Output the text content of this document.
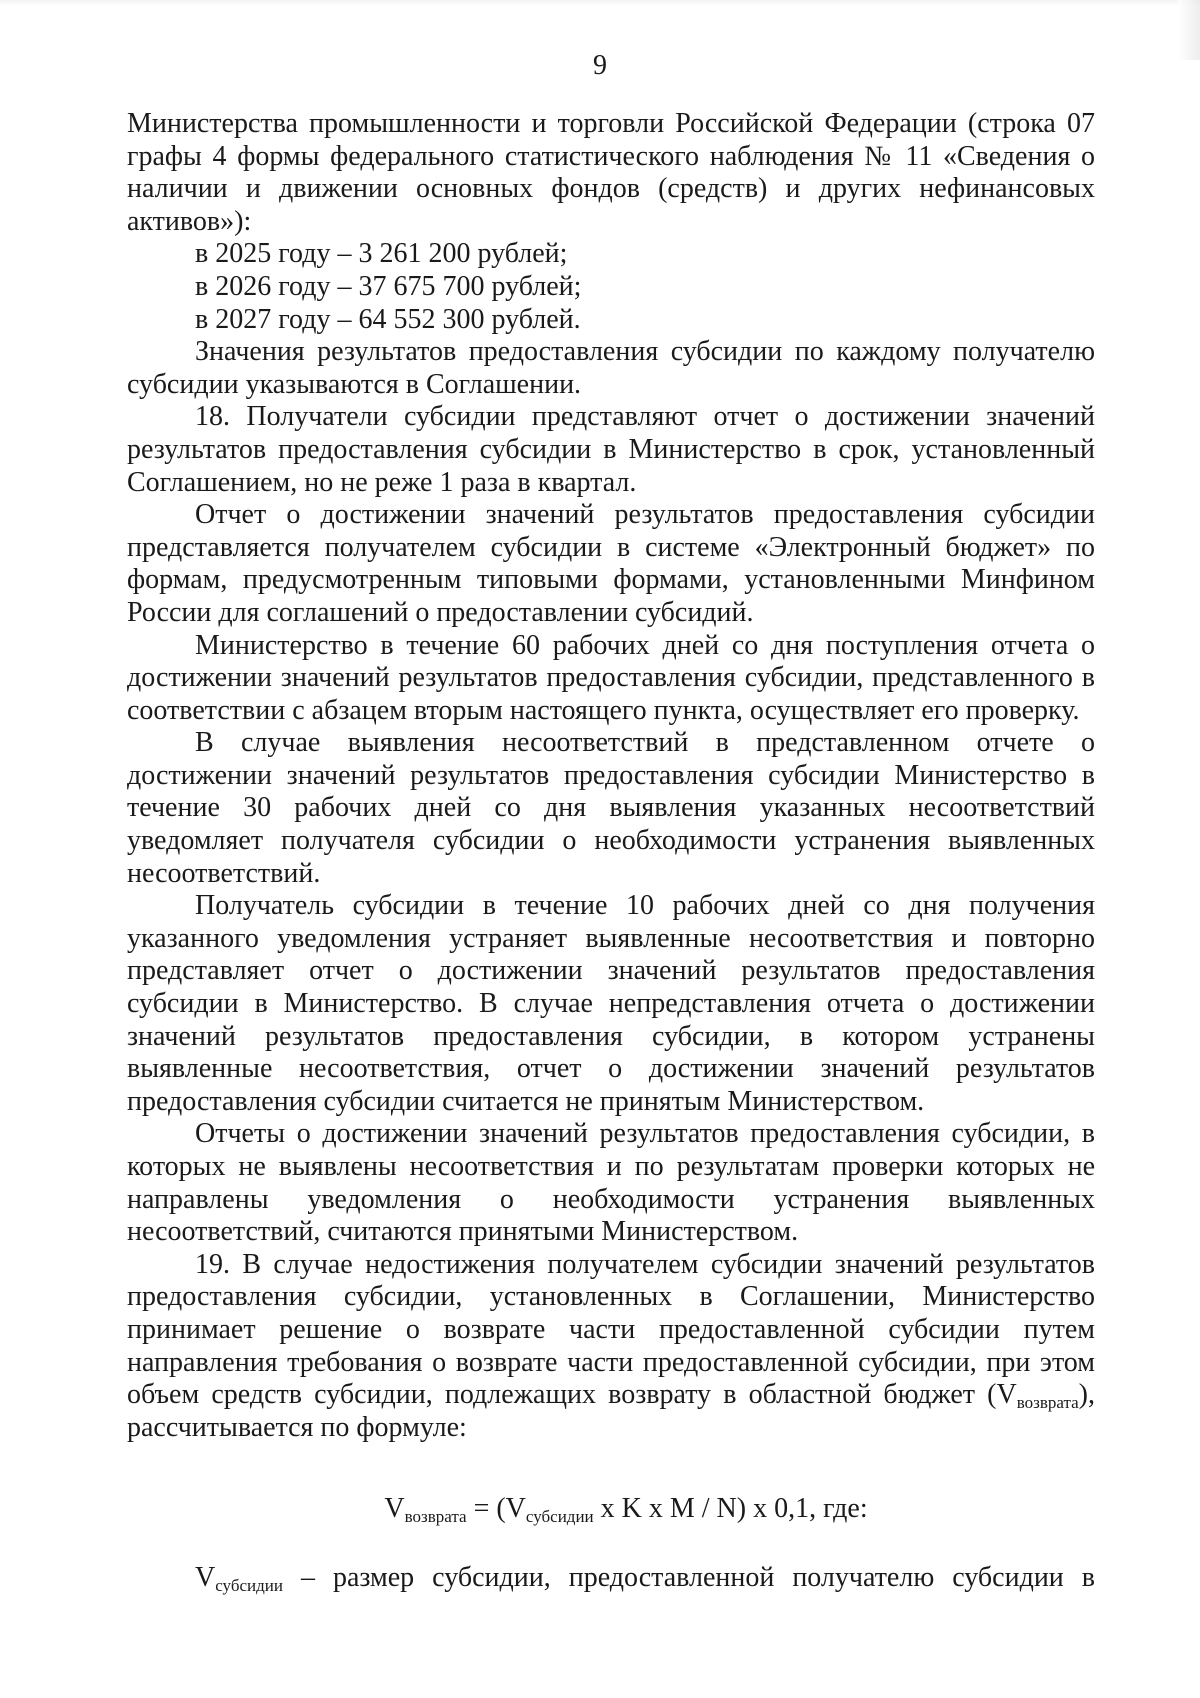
9

Министерства промышленности и торговли Российской Федерации (строка 07 графы 4 формы федерального статистического наблюдения № 11 «Сведения о наличии и движении основных фондов (средств) и других нефинансовых активов»):

в 2025 году – 3 261 200 рублей;

в 2026 году – 37 675 700 рублей;

в 2027 году – 64 552 300 рублей.

Значения результатов предоставления субсидии по каждому получателю субсидии указываются в Соглашении.

18. Получатели субсидии представляют отчет о достижении значений результатов предоставления субсидии в Министерство в срок, установленный Соглашением, но не реже 1 раза в квартал.

Отчет о достижении значений результатов предоставления субсидии представляется получателем субсидии в системе «Электронный бюджет» по формам, предусмотренным типовыми формами, установленными Минфином России для соглашений о предоставлении субсидий.

Министерство в течение 60 рабочих дней со дня поступления отчета о достижении значений результатов предоставления субсидии, представленного в соответствии с абзацем вторым настоящего пункта, осуществляет его проверку.

В случае выявления несоответствий в представленном отчете о достижении значений результатов предоставления субсидии Министерство в течение 30 рабочих дней со дня выявления указанных несоответствий уведомляет получателя субсидии о необходимости устранения выявленных несоответствий.

Получатель субсидии в течение 10 рабочих дней со дня получения указанного уведомления устраняет выявленные несоответствия и повторно представляет отчет о достижении значений результатов предоставления субсидии в Министерство. В случае непредставления отчета о достижении значений результатов предоставления субсидии, в котором устранены выявленные несоответствия, отчет о достижении значений результатов предоставления субсидии считается не принятым Министерством.

Отчеты о достижении значений результатов предоставления субсидии, в которых не выявлены несоответствия и по результатам проверки которых не направлены уведомления о необходимости устранения выявленных несоответствий, считаются принятыми Министерством.

19. В случае недостижения получателем субсидии значений результатов предоставления субсидии, установленных в Соглашении, Министерство принимает решение о возврате части предоставленной субсидии путем направления требования о возврате части предоставленной субсидии, при этом объем средств субсидии, подлежащих возврату в областной бюджет $(V_{возврата})$, рассчитывается по формуле:

$V_{возврата} = (V_{субсидии}$ x K x M / N) x 0,1, где:

$V_{субсидии}$ – размер субсидии, предоставленной получателю субсидии в
